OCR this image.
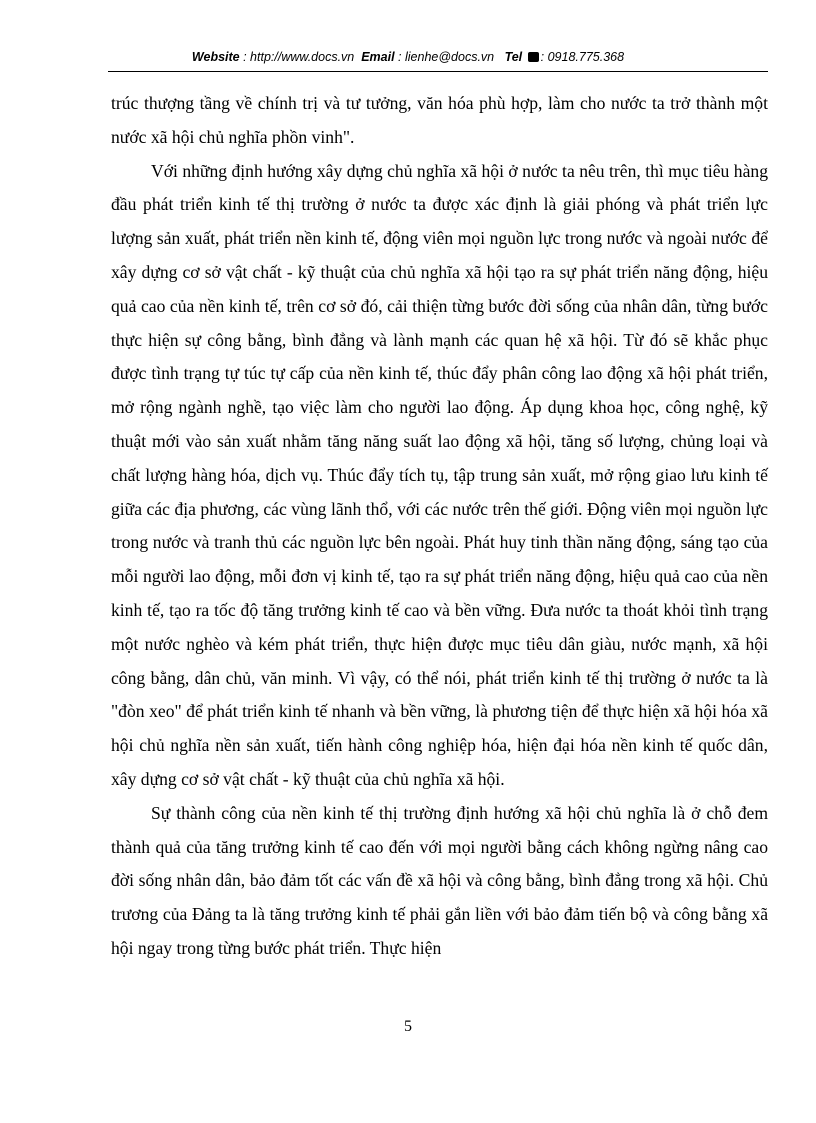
Website : http://www.docs.vn Email : lienhe@docs.vn Tel : 0918.775.368

trúc thượng tầng về chính trị và tư tưởng, văn hóa phù hợp, làm cho nước ta trở thành một nước xã hội chủ nghĩa phồn vinh".

Với những định hướng xây dựng chủ nghĩa xã hội ở nước ta nêu trên, thì mục tiêu hàng đầu phát triển kinh tế thị trường ở nước ta được xác định là giải phóng và phát triển lực lượng sản xuất, phát triển nền kinh tế, động viên mọi nguồn lực trong nước và ngoài nước để xây dựng cơ sở vật chất - kỹ thuật của chủ nghĩa xã hội tạo ra sự phát triển năng động, hiệu quả cao của nền kinh tế, trên cơ sở đó, cải thiện từng bước đời sống của nhân dân, từng bước thực hiện sự công bằng, bình đẳng và lành mạnh các quan hệ xã hội. Từ đó sẽ khắc phục được tình trạng tự túc tự cấp của nền kinh tế, thúc đẩy phân công lao động xã hội phát triển, mở rộng ngành nghề, tạo việc làm cho người lao động. Áp dụng khoa học, công nghệ, kỹ thuật mới vào sản xuất nhằm tăng năng suất lao động xã hội, tăng số lượng, chủng loại và chất lượng hàng hóa, dịch vụ. Thúc đẩy tích tụ, tập trung sản xuất, mở rộng giao lưu kinh tế giữa các địa phương, các vùng lãnh thổ, với các nước trên thế giới. Động viên mọi nguồn lực trong nước và tranh thủ các nguồn lực bên ngoài. Phát huy tinh thần năng động, sáng tạo của mỗi người lao động, mỗi đơn vị kinh tế, tạo ra sự phát triển năng động, hiệu quả cao của nền kinh tế, tạo ra tốc độ tăng trưởng kinh tế cao và bền vững. Đưa nước ta thoát khỏi tình trạng một nước nghèo và kém phát triển, thực hiện được mục tiêu dân giàu, nước mạnh, xã hội công bằng, dân chủ, văn minh. Vì vậy, có thể nói, phát triển kinh tế thị trường ở nước ta là "đòn xeo" để phát triển kinh tế nhanh và bền vững, là phương tiện để thực hiện xã hội hóa xã hội chủ nghĩa nền sản xuất, tiến hành công nghiệp hóa, hiện đại hóa nền kinh tế quốc dân, xây dựng cơ sở vật chất - kỹ thuật của chủ nghĩa xã hội.

Sự thành công của nền kinh tế thị trường định hướng xã hội chủ nghĩa là ở chỗ đem thành quả của tăng trưởng kinh tế cao đến với mọi người bằng cách không ngừng nâng cao đời sống nhân dân, bảo đảm tốt các vấn đề xã hội và công bằng, bình đẳng trong xã hội. Chủ trương của Đảng ta là tăng trưởng kinh tế phải gắn liền với bảo đảm tiến bộ và công bằng xã hội ngay trong từng bước phát triển. Thực hiện

5
